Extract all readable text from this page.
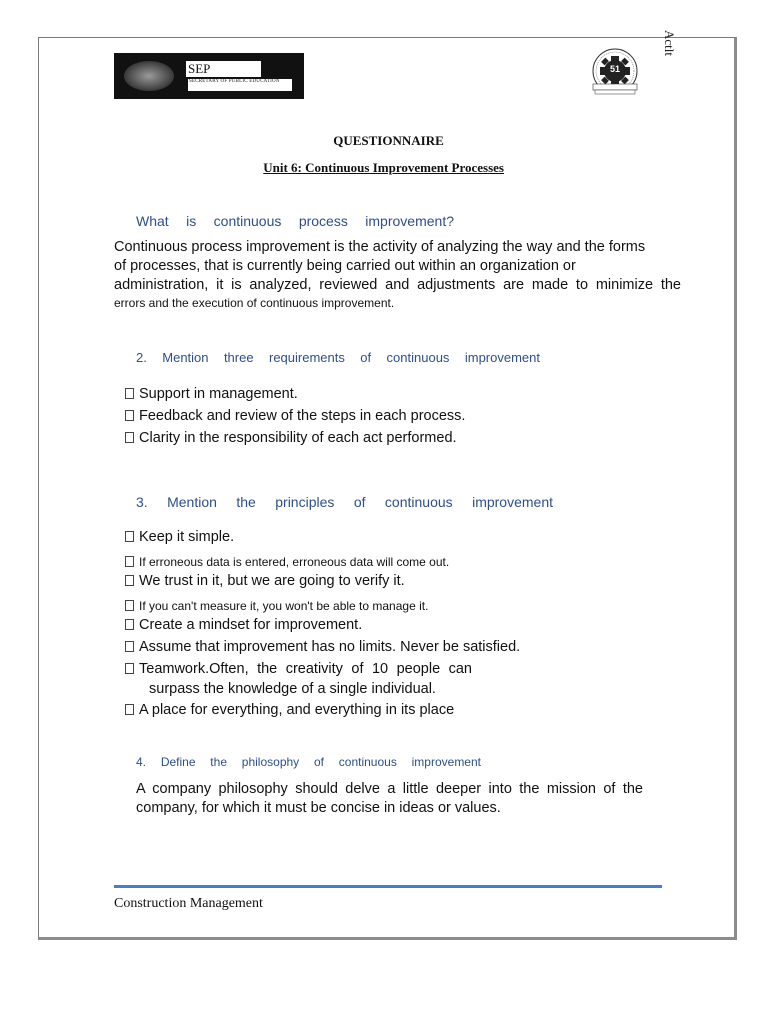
SEP
SECRETARY OF PUBLIC EDUCATION
51
Actlt
QUESTIONNAIRE
Unit 6: Continuous Improvement Processes
What is continuous process improvement?
Continuous process improvement is the activity of analyzing the way and the forms
of processes, that is currently being carried out within an organization or
administration, it is analyzed, reviewed and adjustments are made to minimize the
errors and the execution of continuous improvement.
2. Mention three requirements of continuous improvement
Support in management.
Feedback and review of the steps in each process.
Clarity in the responsibility of each act performed.
3. Mention the principles of continuous improvement
Keep it simple.
If erroneous data is entered, erroneous data will come out.
We trust in it, but we are going to verify it.
If you can't measure it, you won't be able to manage it.
Create a mindset for improvement.
Assume that improvement has no limits. Never be satisfied.
Teamwork.Often, the creativity of 10 people can
surpass the knowledge of a single individual.
A place for everything, and everything in its place
4. Define the philosophy of continuous improvement
A company philosophy should delve a little deeper into the mission of the
company, for which it must be concise in ideas or values.
Construction Management
